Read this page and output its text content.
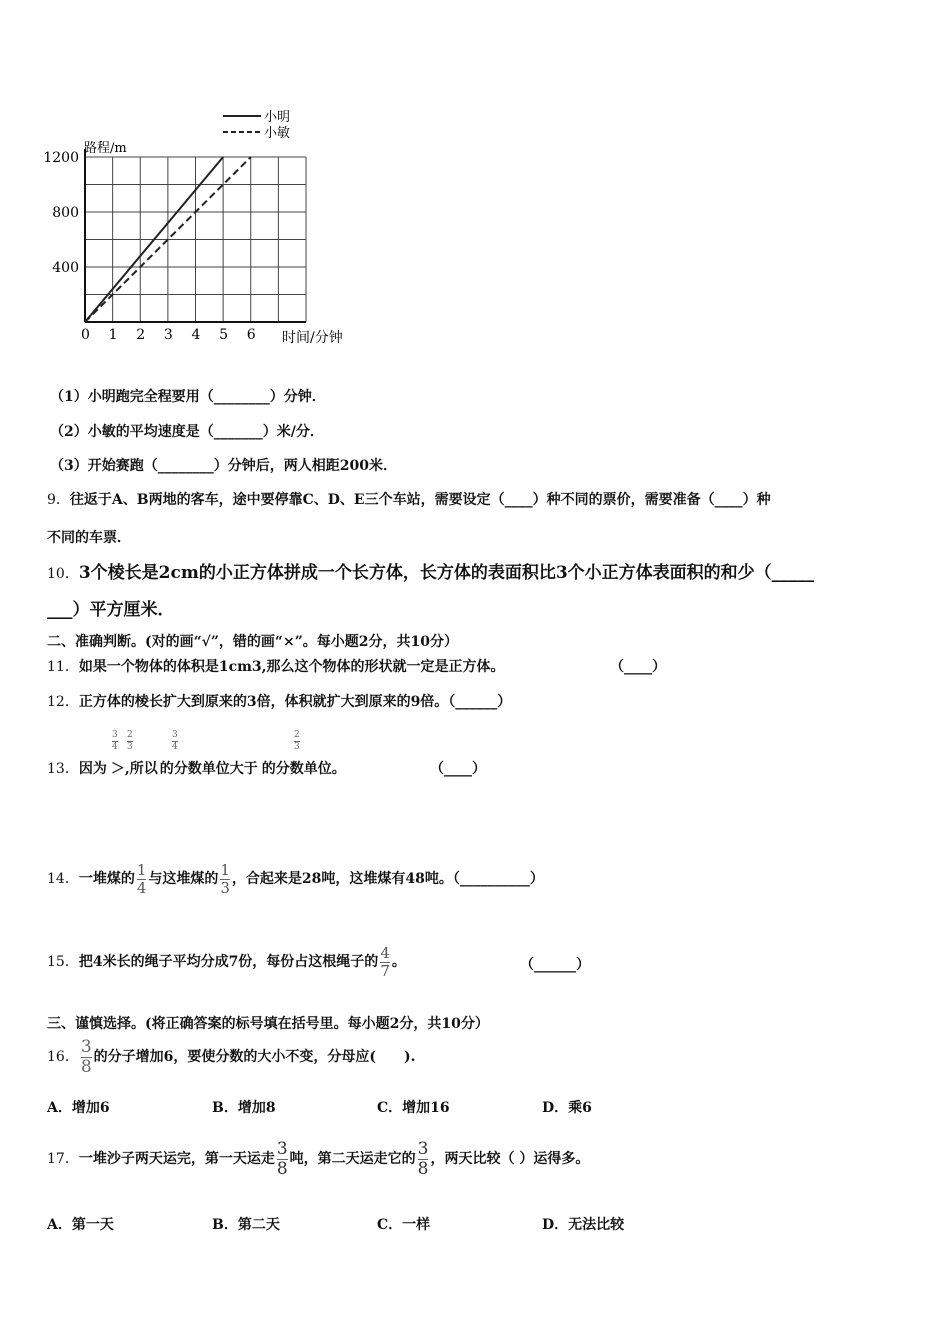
0 1 2 3 4 5 6
400
800
1200
小明
小敏
路程/m
时间/分钟
（1）小明跑完全程要用（________）分钟．
（2）小敏的平均速度是（_______）米/分．
（3）开始赛跑（________）分钟后，两人相距200米．
9．往返于A、B两地的客车，途中要停靠C、D、E三个车站，需要设定（____）种不同的票价，需要准备（____）种
不同的车票．
10．3个棱长是2cm的小正方体拼成一个长方体，长方体的表面积比3个小正方体表面积的和少（_____
___）平方厘米．
二、准确判断。(对的画“√”，错的画“×”。每小题2分，共10分）
11．如果一个物体的体积是1cm3,那么这个物体的形状就一定是正方体。	（____）
12．正方体的棱长扩大到原来的3倍，体积就扩大到原来的9倍。（______）
13．因为 ＞,所以 的分数单位大于 的分数单位。	（____）
3
4
2
3
3
4
2
3
14．一堆煤的 $\frac{1}{4}$ 与这堆煤的 $\frac{1}{3}$ ，合起来是28吨，这堆煤有48吨。（__________）
15．把4米长的绳子平均分成7份，每份占这根绳子的 $\frac{4}{7}$ 。	（______）
三、谨慎选择。(将正确答案的标号填在括号里。每小题2分，共10分）
16． $\frac{3}{8}$ 的分子增加6，要使分数的大小不变，分母应(　　).
A．增加6	B．增加8	C．增加16	D．乘6
17．一堆沙子两天运完，第一天运走 $\frac{3}{8}$ 吨，第二天运走它的 $\frac{3}{8}$ ，两天比较（ ）运得多。
A．第一天	B．第二天	C．一样	D．无法比较
